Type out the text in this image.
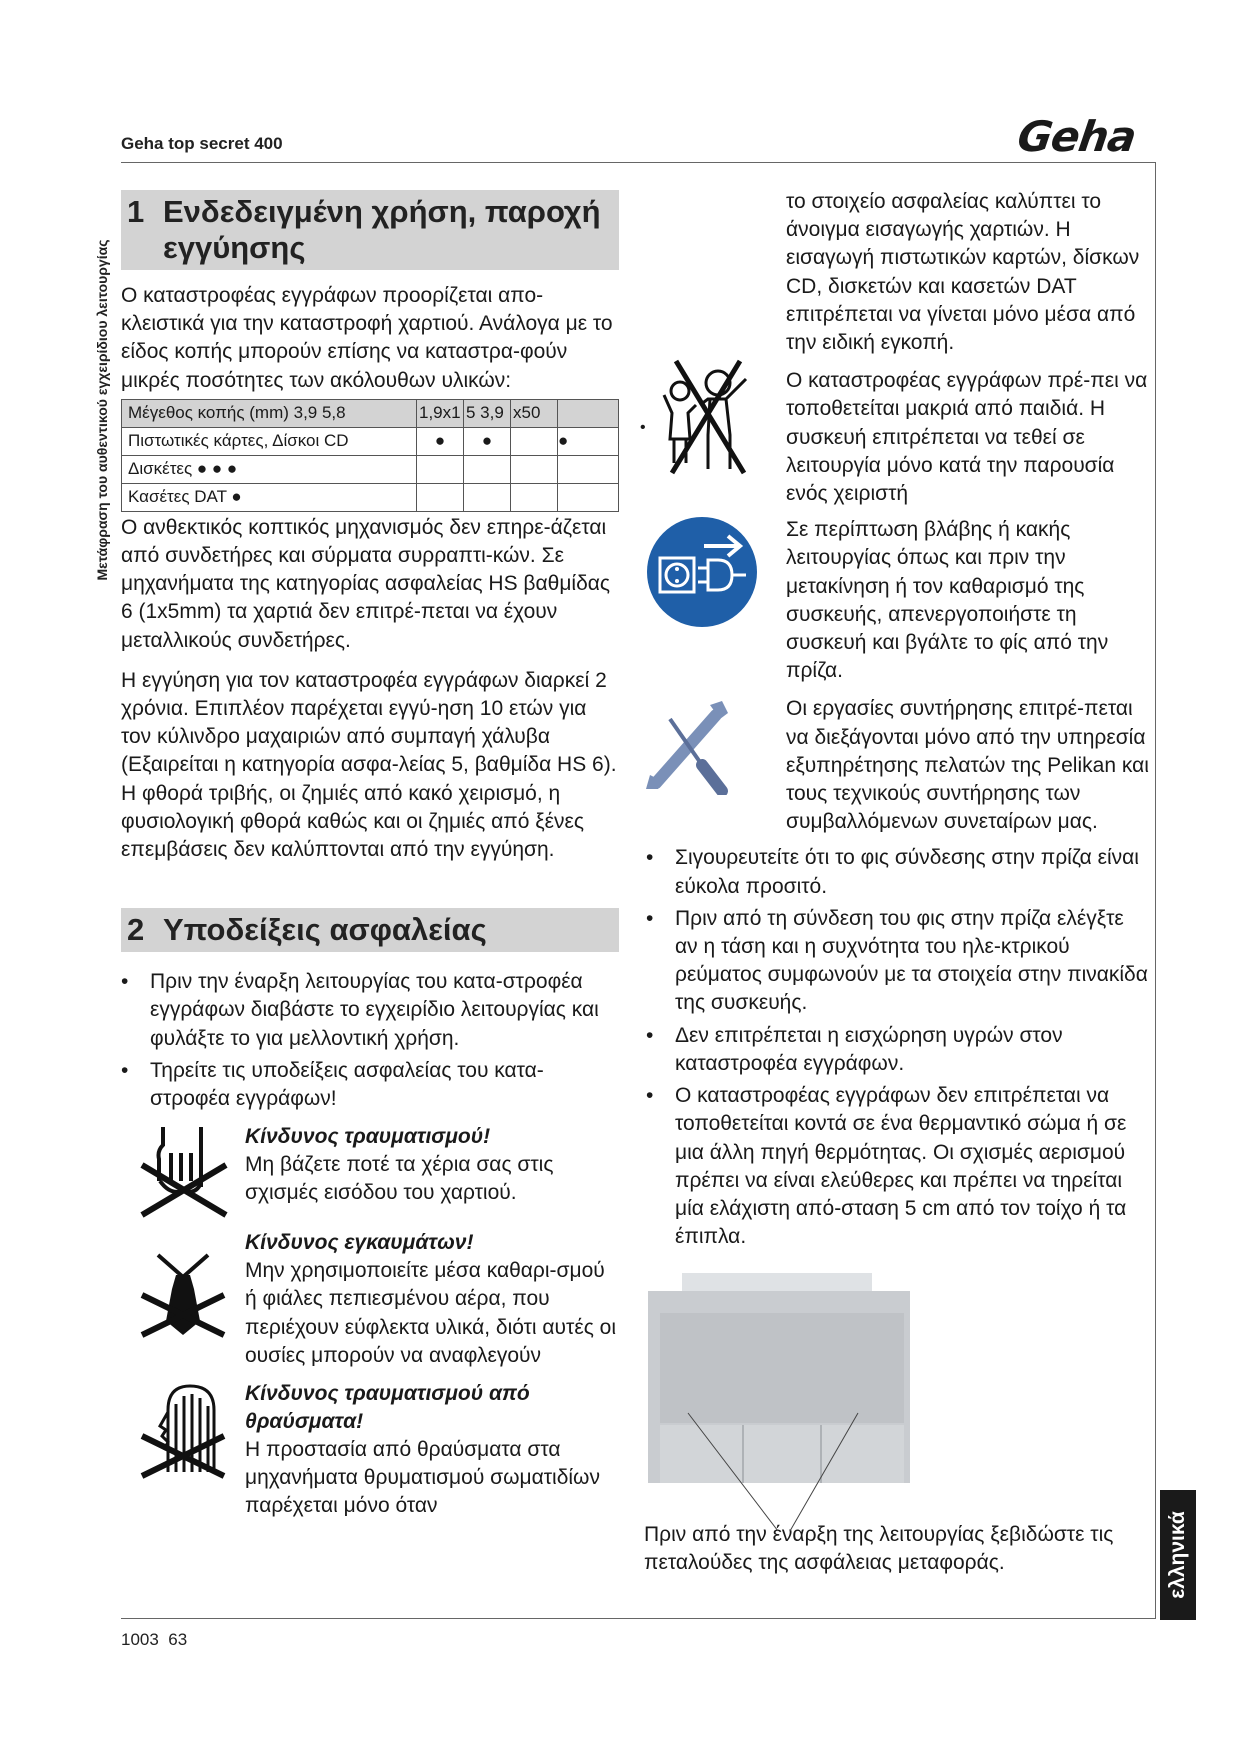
Geha top secret 400	Geha
Μετάφραση του αυθεντικού εγχειρίδιου λειτουργίας
ελληνικά
1003 63
1 Ενδεδειγμένη χρήση, παροχή
εγγύησης

Ο καταστροφέας εγγράφων προορίζεται απο-κλειστικά για την καταστροφή χαρτιού. Ανάλογα με το είδος κοπής μπορούν επίσης να καταστρα-φούν μικρές ποσότητες των ακόλουθων υλικών:

Μέγεθος κοπής (mm) 3,9 5,8	1,9x1	5 3,9	x50	
Πιστωτικές κάρτες, Δίσκοι CD	●	●		●
Δισκέτες ● ● ●				
Κασέτες DAT ●				

Ο ανθεκτικός κοπτικός μηχανισμός δεν επηρε-άζεται από συνδετήρες και σύρματα συρραπτι-κών. Σε μηχανήματα της κατηγορίας ασφαλείας HS βαθμίδας 6 (1x5mm) τα χαρτιά δεν επιτρέ-πεται να έχουν μεταλλικούς συνδετήρες.

Η εγγύηση για τον καταστροφέα εγγράφων διαρκεί 2 χρόνια. Επιπλέον παρέχεται εγγύ-ηση 10 ετών για τον κύλινδρο μαχαιριών από συμπαγή χάλυβα (Εξαιρείται η κατηγορία ασφα-λείας 5, βαθμίδα HS 6). Η φθορά τριβής, οι ζημιές από κακό χειρισμό, η φυσιολογική φθορά καθώς και οι ζημιές από ξένες επεμβάσεις δεν καλύπτονται από την εγγύηση.

2 Υποδείξεις ασφαλείας
• Πριν την έναρξη λειτουργίας του κατα-στροφέα εγγράφων διαβάστε το εγχειρίδιο λειτουργίας και φυλάξτε το για μελλοντική χρήση.
• Τηρείτε τις υποδείξεις ασφαλείας του κατα-στροφέα εγγράφων!
Κίνδυνος τραυματισμού!
Μη βάζετε ποτέ τα χέρια σας στις σχισμές εισόδου του χαρτιού.
Κίνδυνος εγκαυμάτων!
Μην χρησιμοποιείτε μέσα καθαρι-σμού ή φιάλες πεπιεσμένου αέρα, που περιέχουν εύφλεκτα υλικά, διότι αυτές οι ουσίες μπορούν να αναφλεγούν
Κίνδυνος τραυματισμού από θραύσματα!
Η προστασία από θραύσματα στα μηχανήματα θρυματισμού σωματιδίων παρέχεται μόνο όταν

το στοιχείο ασφαλείας καλύπτει το άνοιγμα εισαγωγής χαρτιών. Η εισαγωγή πιστωτικών καρτών, δίσκων CD, δισκετών και κασετών DAT επιτρέπεται να γίνεται μόνο μέσα από την ειδική εγκοπή.

•

Ο καταστροφέας εγγράφων πρέ-πει να τοποθετείται μακριά από παιδιά. Η συσκευή επιτρέπεται να τεθεί σε λειτουργία μόνο κατά την παρουσία ενός χειριστή

Σε περίπτωση βλάβης ή κακής λειτουργίας όπως και πριν την μετακίνηση ή τον καθαρισμό της συσκευής, απενεργοποιήστε τη συσκευή και βγάλτε το φίς από την πρίζα.

Οι εργασίες συντήρησης επιτρέ-πεται να διεξάγονται μόνο από την υπηρεσία εξυπηρέτησης πελατών της Pelikan και τους τεχνικούς συντήρησης των συμβαλλόμενων συνεταίρων μας.

• Σιγουρευτείτε ότι το φις σύνδεσης στην πρίζα είναι εύκολα προσιτό.
• Πριν από τη σύνδεση του φις στην πρίζα ελέγξτε αν η τάση και η συχνότητα του ηλε-κτρικού ρεύματος συμφωνούν με τα στοιχεία στην πινακίδα της συσκευής.
• Δεν επιτρέπεται η εισχώρηση υγρών στον καταστροφέα εγγράφων.
• Ο καταστροφέας εγγράφων δεν επιτρέπεται να τοποθετείται κοντά σε ένα θερμαντικό σώμα ή σε μια άλλη πηγή θερμότητας. Οι σχισμές αερισμού πρέπει να είναι ελεύθερες και πρέπει να τηρείται μία ελάχιστη από-σταση 5 cm από τον τοίχο ή τα έπιπλα.
Πριν από την έναρξη της λειτουργίας ξεβιδώστε τις πεταλούδες της ασφάλειας μεταφοράς.
